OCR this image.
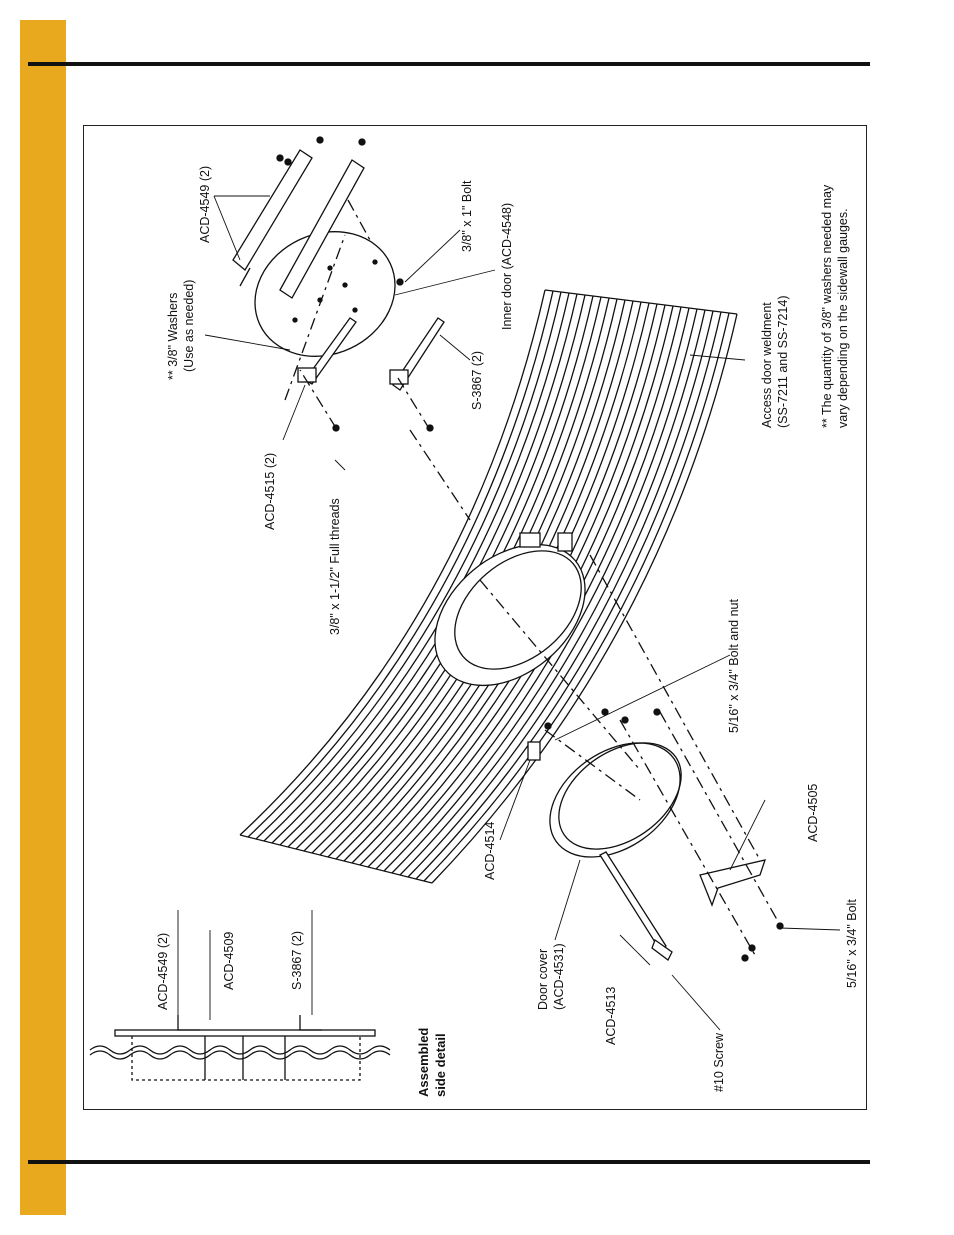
ACD-4549 (2)
** 3/8" Washers (Use as needed)
3/8" x 1" Bolt Inner door (ACD-4548)
S-3867 (2)
ACD-4515 (2)
3/8" x 1-1/2" Full threads
Access door weldment (SS-7211 and SS-7214) ** The quantity of 3/8" washers needed may vary depending on the sidewall gauges.
5/16" x 3/4" Bolt and nut
ACD-4514
ACD-4505
Door cover (ACD-4531)
ACD-4513
#10 Screw
5/16" x 3/4" Bolt
ACD-4549 (2)	ACD-4509	S-3867 (2)
Assembled side detail
